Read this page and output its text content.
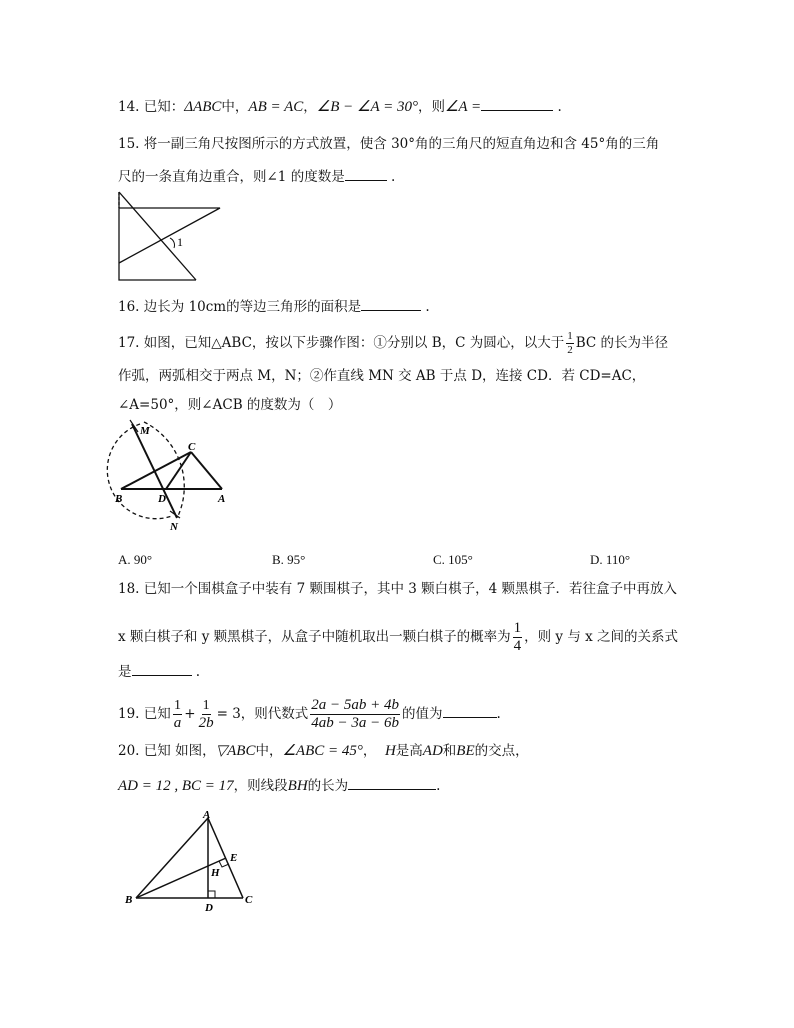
14. 已知：ΔABC中，AB = AC，∠B − ∠A = 30°，则∠A =	.
15. 将一副三角尺按图所示的方式放置，使含 30°角的三角尺的短直角边和含 45°角的三角
尺的一条直角边重合，则∠1 的度数是	.
1
16. 边长为 10cm的等边三角形的面积是	.
17. 如图，已知△ABC，按以下步骤作图：①分别以 B，C 为圆心，以大于 $\frac{1}{2}$ BC 的长为半径
作弧，两弧相交于两点 M，N；②作直线 MN 交 AB 于点 D，连接 CD．若 CD=AC，
∠A=50°，则∠ACB 的度数为（　）
M
C
B	D	A
N
A. 90°	B. 95°	C. 105°	D. 110°
18. 已知一个围棋盒子中装有 7 颗围棋子，其中 3 颗白棋子，4 颗黑棋子．若往盒子中再放入
x 颗白棋子和 y 颗黑棋子，从盒子中随机取出一颗白棋子的概率为 $\frac{1}{4}$ ，则 y 与 x 之间的关系式
是	.
19. 已知 $\frac{1}{a} + \frac{1}{2b} = 3$，则代数式 $\frac{2a - 5ab + 4b}{4ab - 3a - 6b}$ 的值为	.
20. 已知 如图，▽ABC中，∠ABC = 45°， H是高AD和BE的交点，
AD = 12 , BC = 17，则线段BH的长为	.
A
E
H
B
D
C
